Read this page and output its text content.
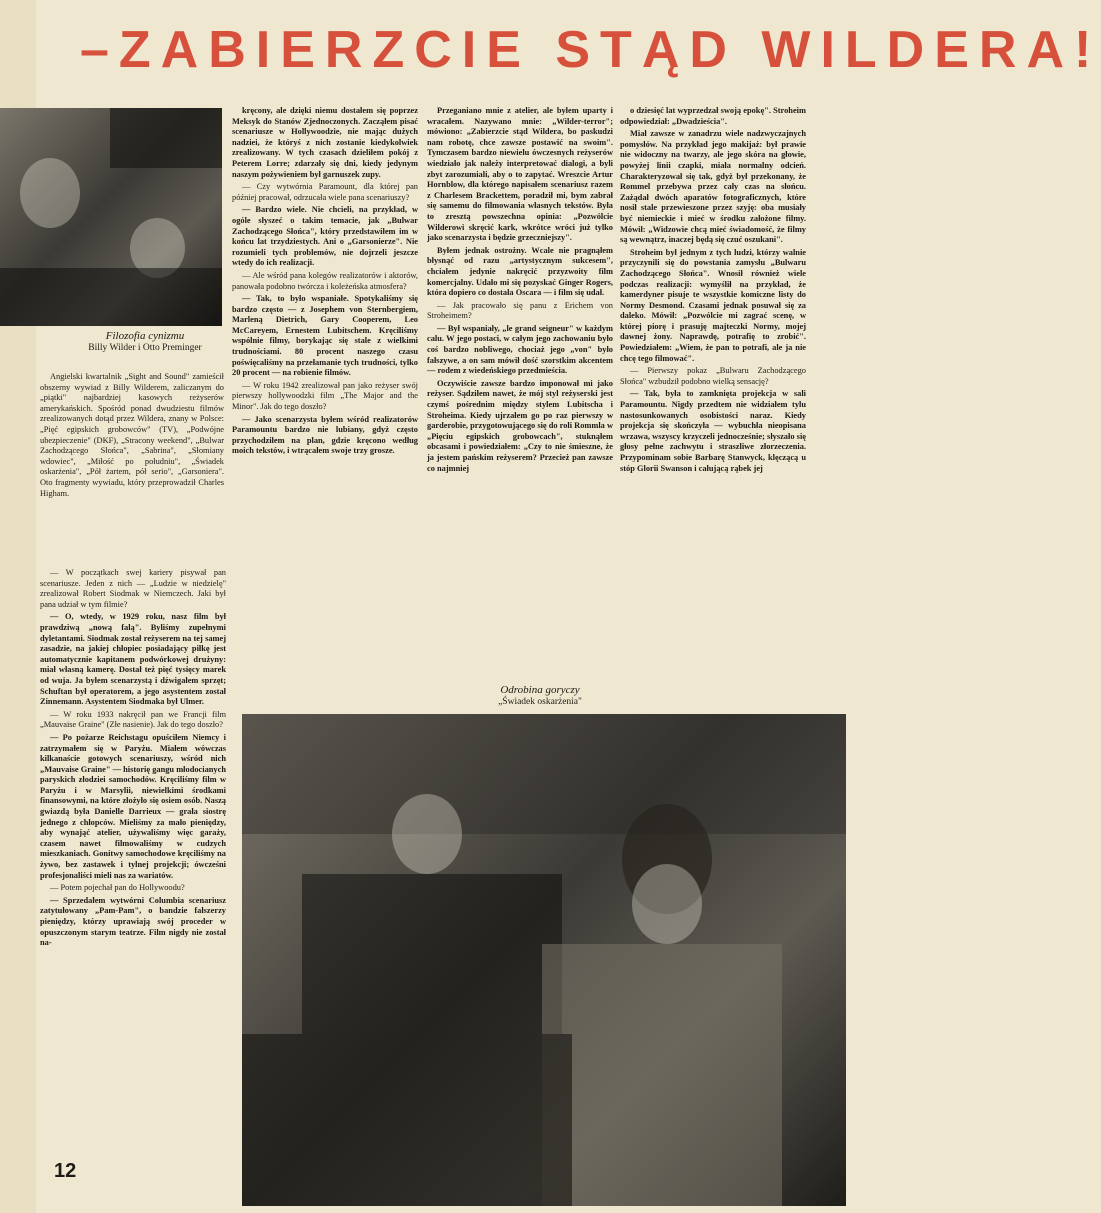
–ZABIERZCIE STĄD WILDERA!
Filozofia cynizmu
Billy Wilder i Otto Preminger

Angielski kwartalnik „Sight and Sound" zamieścił obszerny wywiad z Billy Wilderem, zaliczanym do „piątki" najbardziej kasowych reżyserów amerykańskich. Spośród ponad dwudziestu filmów zrealizowanych dotąd przez Wildera, znany w Polsce: „Pięć egipskich grobowców" (TV), „Podwójne ubezpieczenie" (DKF), „Stracony weekend", „Bulwar Zachodzącego Słońca", „Sabrina", „Słomiany wdowiec", „Miłość po południu", „Świadek oskarżenia", „Pół żartem, pół serio", „Garsoniera". Oto fragmenty wywiadu, który przeprowadził Charles Higham.

— W początkach swej kariery pisywał pan scenariusze. Jeden z nich — „Ludzie w niedzielę" zrealizował Robert Siodmak w Niemczech. Jaki był pana udział w tym filmie?

— O, wtedy, w 1929 roku, nasz film był prawdziwą „nową falą". Byliśmy zupełnymi dyletantami. Siodmak został reżyserem na tej samej zasadzie, na jakiej chłopiec posiadający piłkę jest automatycznie kapitanem podwórkowej drużyny: miał własną kamerę. Dostał też pięć tysięcy marek od wuja. Ja byłem scenarzystą i dźwigałem sprzęt; Schuftan był operatorem, a jego asystentem został Zinnemann. Asystentem Siodmaka był Ulmer.

— W roku 1933 nakręcił pan we Francji film „Mauvaise Graine" (Złe nasienie). Jak do tego doszło?

— Po pożarze Reichstagu opuściłem Niemcy i zatrzymałem się w Paryżu. Miałem wówczas kilkanaście gotowych scenariuszy, wśród nich „Mauvaise Graine" — historię gangu młodocianych paryskich złodziei samochodów. Kręciliśmy film w Paryżu i w Marsylii, niewielkimi środkami finansowymi, na które złożyło się osiem osób. Naszą gwiazdą była Danielle Darrieux — grała siostrę jednego z chłopców. Mieliśmy za mało pieniędzy, aby wynająć atelier, używaliśmy więc garaży, czasem nawet filmowaliśmy w cudzych mieszkaniach. Gonitwy samochodowe kręciliśmy na żywo, bez zastawek i tylnej projekcji; ówcześni profesjonaliści mieli nas za wariatów.

— Potem pojechał pan do Hollywoodu?

— Sprzedałem wytwórni Columbia scenariusz zatytułowany „Pam-Pam", o bandzie fałszerzy pieniędzy, którzy uprawiają swój proceder w opuszczonym starym teatrze. Film nigdy nie został na-

kręcony, ale dzięki niemu dostałem się poprzez Meksyk do Stanów Zjednoczonych. Zacząłem pisać scenariusze w Hollywoodzie, nie mając dużych nadziei, że któryś z nich zostanie kiedykolwiek zrealizowany. W tych czasach dzieliłem pokój z Peterem Lorre; zdarzały się dni, kiedy jedynym naszym pożywieniem był garnuszek zupy.

— Czy wytwórnia Paramount, dla której pan później pracował, odrzucała wiele pana scenariuszy?

— Bardzo wiele. Nie chcieli, na przykład, w ogóle słyszeć o takim temacie, jak „Bulwar Zachodzącego Słońca", który przedstawiłem im w końcu lat trzydziestych. Ani o „Garsonierze". Nie rozumieli tych problemów, nie dojrzeli jeszcze wtedy do ich realizacji.

— Ale wśród pana kolegów realizatorów i aktorów, panowała podobno twórcza i koleżeńska atmosfera?

— Tak, to było wspaniałe. Spotykaliśmy się bardzo często — z Josephem von Sternbergiem, Marleną Dietrich, Gary Cooperem, Leo McCareyem, Ernestem Lubitschem. Kręciliśmy wspólnie filmy, borykając się stale z wielkimi trudnościami. 80 procent naszego czasu poświęcaliśmy na przełamanie tych trudności, tylko 20 procent — na robienie filmów.

— W roku 1942 zrealizował pan jako reżyser swój pierwszy hollywoodzki film „The Major and the Minor". Jak do tego doszło?

— Jako scenarzysta byłem wśród realizatorów Paramountu bardzo nie lubiany, gdyż często przychodziłem na plan, gdzie kręcono według moich tekstów, i wtrącałem swoje trzy grosze.

Przeganiano mnie z atelier, ale byłem uparty i wracałem. Nazywano mnie: „Wilder-terror"; mówiono: „Zabierzcie stąd Wildera, bo paskudzi nam robotę, chce zawsze postawić na swoim". Tymczasem bardzo niewielu ówczesnych reżyserów wiedziało jak należy interpretować dialogi, a byli zbyt zarozumiali, aby o to zapytać. Wreszcie Artur Hornblow, dla którego napisałem scenariusz razem z Charlesem Brackettem, poradził mi, bym zabrał się samemu do filmowania własnych tekstów. Była to zresztą powszechna opinia: „Pozwólcie Wilderowi skręcić kark, wkrótce wróci już tylko jako scenarzysta i będzie grzeczniejszy".

Byłem jednak ostrożny. Wcale nie pragnąłem błysnąć od razu „artystycznym sukcesem", chciałem jedynie nakręcić przyzwoity film komercjalny. Udało mi się pozyskać Ginger Rogers, która dopiero co dostała Oscara — i film się udał.

— Jak pracowało się panu z Erichem von Stroheimem?

— Był wspaniały, „le grand seigneur" w każdym calu. W jego postaci, w całym jego zachowaniu było coś bardzo nobliwego, chociaż jego „von" było fałszywe, a on sam mówił dość szorstkim akcentem — rodem z wiedeńskiego przedmieścia.

Oczywiście zawsze bardzo imponował mi jako reżyser. Sądziłem nawet, że mój styl reżyserski jest czymś pośrednim między stylem Lubitscha i Stroheima. Kiedy ujrzałem go po raz pierwszy w garderobie, przygotowującego się do roli Rommla w „Pięciu egipskich grobowcach", stuknąłem obcasami i powiedziałem: „Czy to nie śmieszne, że ja jestem pańskim reżyserem? Przecież pan zawsze co najmniej

o dziesięć lat wyprzedzał swoją epokę". Stroheim odpowiedział: „Dwadzieścia".

Miał zawsze w zanadrzu wiele nadzwyczajnych pomysłów. Na przykład jego makijaż: był prawie nie widoczny na twarzy, ale jego skóra na głowie, powyżej linii czapki, miała normalny odcień. Charakteryzował się tak, gdyż był przekonany, że Rommel przebywa przez cały czas na słońcu. Zażądał dwóch aparatów fotograficznych, które nosił stale przewieszone przez szyję: oba musiały być niemieckie i mieć w środku założone filmy. Mówił: „Widzowie chcą mieć świadomość, że filmy są wewnątrz, inaczej będą się czuć oszukani".

Stroheim był jednym z tych ludzi, którzy walnie przyczynili się do powstania zamysłu „Bulwaru Zachodzącego Słońca". Wnosił również wiele podczas realizacji: wymyślił na przykład, że kamerdyner pisuje te wszystkie komiczne listy do Normy Desmond. Czasami jednak posuwał się za daleko. Mówił: „Pozwólcie mi zagrać scenę, w której piorę i prasuję majteczki Normy, mojej dawnej żony. Naprawdę, potrafię to zrobić". Powiedziałem: „Wiem, że pan to potrafi, ale ja nie chcę tego filmować".

— Pierwszy pokaz „Bulwaru Zachodzącego Słońca" wzbudził podobno wielką sensację?

— Tak, była to zamknięta projekcja w sali Paramountu. Nigdy przedtem nie widziałem tylu nastosunkowanych osobistości naraz. Kiedy projekcja się skończyła — wybuchła nieopisana wrzawa, wszyscy krzyczeli jednocześnie; słyszało się głosy pełne zachwytu i straszliwe złorzeczenia. Przypominam sobie Barbarę Stanwyck, klęczącą u stóp Glorii Swanson i całującą rąbek jej

Odrobina goryczy
„Świadek oskarżenia"
12
